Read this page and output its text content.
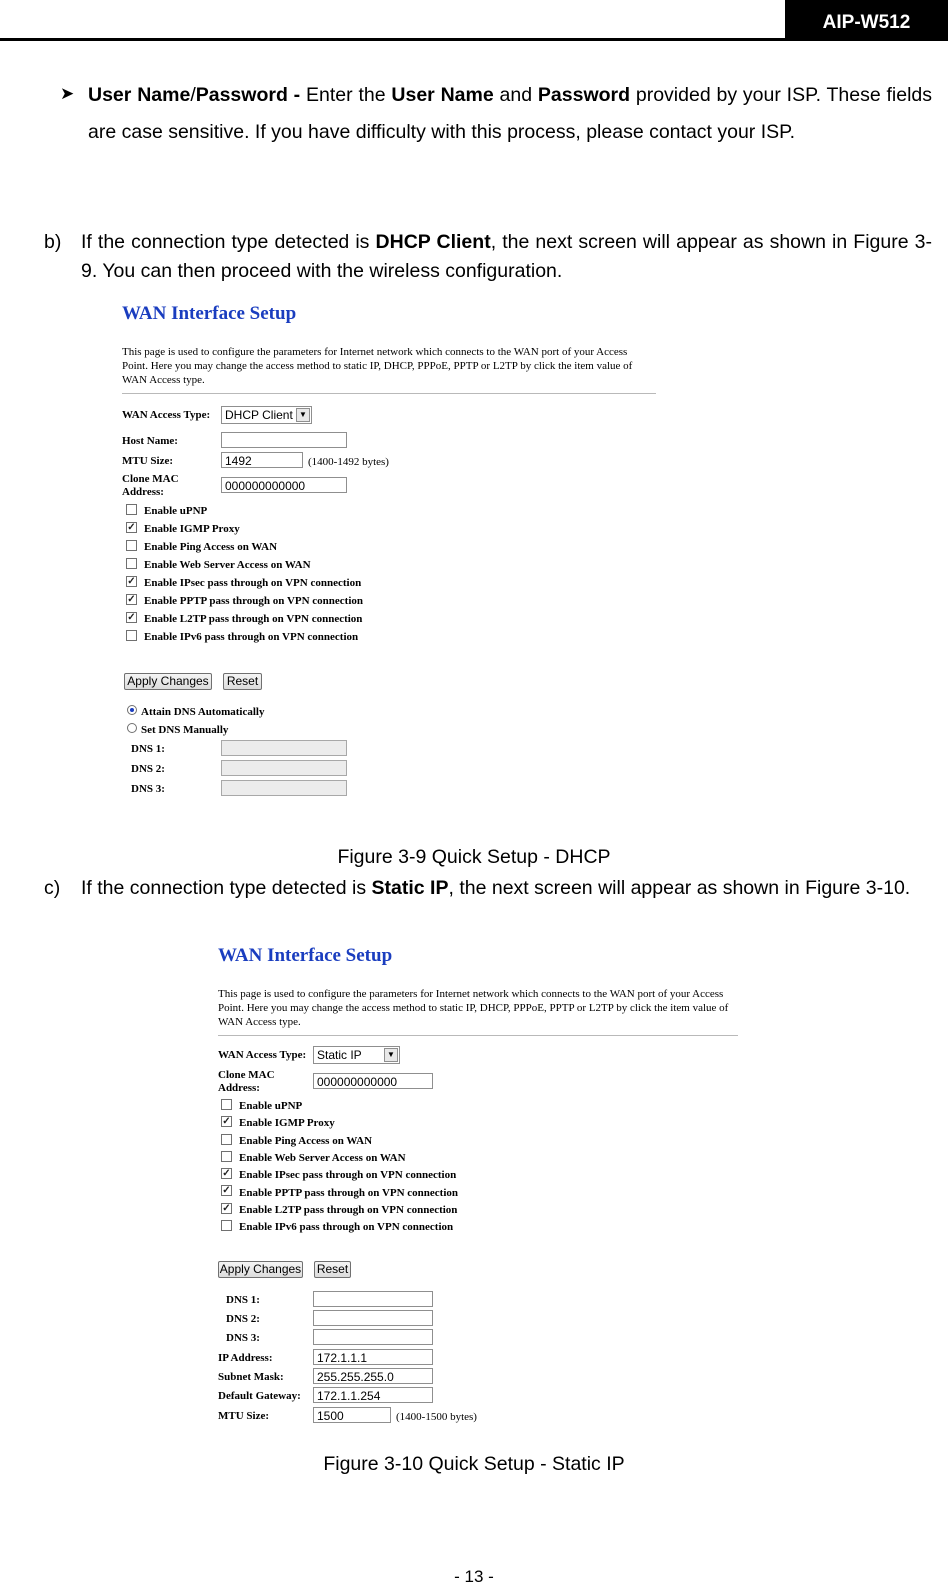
AIP-W512
➤ User Name/Password - Enter the User Name and Password provided by your ISP. These fields are case sensitive. If you have difficulty with this process, please contact your ISP.

b) If the connection type detected is DHCP Client, the next screen will appear as shown in Figure 3-9. You can then proceed with the wireless configuration.

WAN Interface Setup
This page is used to configure the parameters for Internet network which connects to the WAN port of your Access Point. Here you may change the access method to static IP, DHCP, PPPoE, PPTP or L2TP by click the item value of WAN Access type.
WAN Access Type:	DHCP Client ▼
Host Name:
MTU Size:	1492	(1400-1492 bytes)
Clone MAC
Address:	000000000000
Enable uPNP
✓ Enable IGMP Proxy
Enable Ping Access on WAN
Enable Web Server Access on WAN
✓ Enable IPsec pass through on VPN connection
✓ Enable PPTP pass through on VPN connection
✓ Enable L2TP pass through on VPN connection
Enable IPv6 pass through on VPN connection
Apply Changes	Reset
Attain DNS Automatically
Set DNS Manually
DNS 1:
DNS 2:
DNS 3:
Figure 3-9 Quick Setup - DHCP
c) If the connection type detected is Static IP, the next screen will appear as shown in Figure 3-10.

WAN Interface Setup
This page is used to configure the parameters for Internet network which connects to the WAN port of your Access Point. Here you may change the access method to static IP, DHCP, PPPoE, PPTP or L2TP by click the item value of WAN Access type.
WAN Access Type: Static IP	▼
Clone MAC
Address:	000000000000
Enable uPNP
✓ Enable IGMP Proxy
Enable Ping Access on WAN
Enable Web Server Access on WAN
✓ Enable IPsec pass through on VPN connection
✓ Enable PPTP pass through on VPN connection
✓ Enable L2TP pass through on VPN connection
Enable IPv6 pass through on VPN connection
Apply Changes Reset
DNS 1:
DNS 2:
DNS 3:
IP Address:	172.1.1.1
Subnet Mask:	255.255.255.0
Default Gateway:	172.1.1.254
MTU Size:	1500	(1400-1500 bytes)
Figure 3-10 Quick Setup - Static IP
- 13 -
